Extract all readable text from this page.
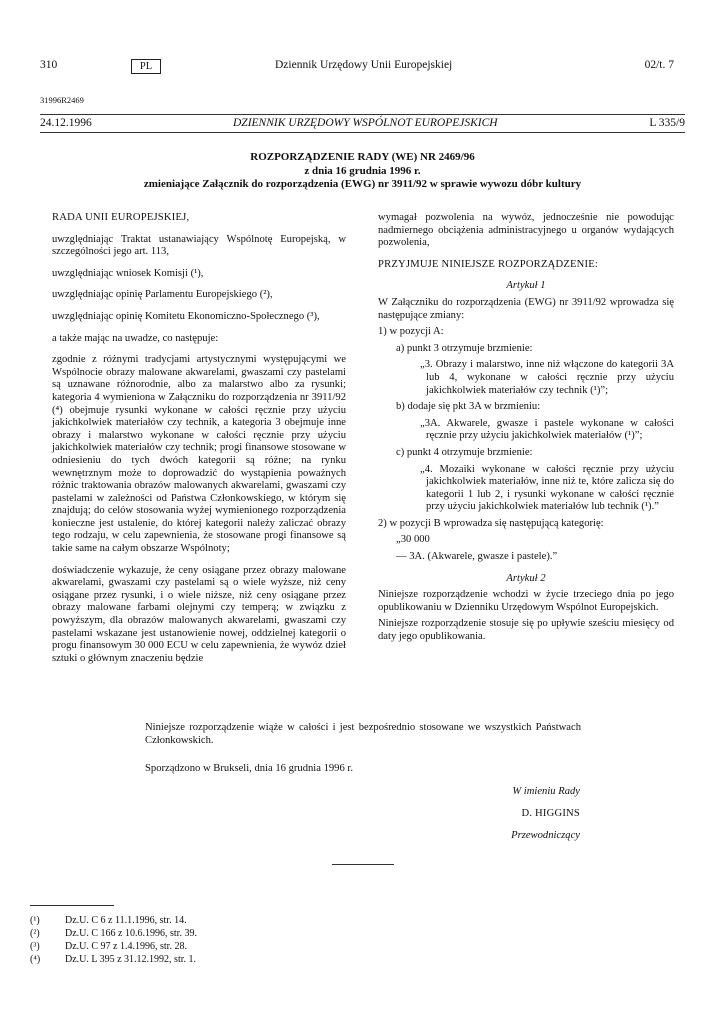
310	PL	Dziennik Urzędowy Unii Europejskiej	02/t. 7
31996R2469
24.12.1996	DZIENNIK URZĘDOWY WSPÓLNOT EUROPEJSKICH	L 335/9
ROZPORZĄDZENIE RADY (WE) NR 2469/96
z dnia 16 grudnia 1996 r.
zmieniające Załącznik do rozporządzenia (EWG) nr 3911/92 w sprawie wywozu dóbr kultury

RADA UNII EUROPEJSKIEJ,

uwzględniając Traktat ustanawiający Wspólnotę Europejską, w szczególności jego art. 113,

uwzględniając wniosek Komisji (¹),

uwzględniając opinię Parlamentu Europejskiego (²),

uwzględniając opinię Komitetu Ekonomiczno-Społecznego (³),

a także mając na uwadze, co następuje:

zgodnie z różnymi tradycjami artystycznymi występującymi we Wspólnocie obrazy malowane akwarelami, gwaszami czy pastelami są uznawane różnorodnie, albo za malarstwo albo za rysunki; kategoria 4 wymieniona w Załączniku do rozporządzenia nr 3911/92 (⁴) obejmuje rysunki wykonane w całości ręcznie przy użyciu jakichkolwiek materiałów czy technik, a kategoria 3 obejmuje inne obrazy i malarstwo wykonane w całości ręcznie przy użyciu jakichkolwiek materiałów czy technik; progi finansowe stosowane w odniesieniu do tych dwóch kategorii są różne; na rynku wewnętrznym może to doprowadzić do wystąpienia poważnych różnic traktowania obrazów malowanych akwarelami, gwaszami czy pastelami w zależności od Państwa Członkowskiego, w którym się znajdują; do celów stosowania wyżej wymienionego rozporządzenia konieczne jest ustalenie, do której kategorii należy zaliczać obrazy tego rodzaju, w celu zapewnienia, że stosowane progi finansowe są takie same na całym obszarze Wspólnoty;

doświadczenie wykazuje, że ceny osiągane przez obrazy malowane akwarelami, gwaszami czy pastelami są o wiele wyższe, niż ceny osiągane przez rysunki, i o wiele niższe, niż ceny osiągane przez obrazy malowane farbami olejnymi czy temperą; w związku z powyższym, dla obrazów malowanych akwarelami, gwaszami czy pastelami wskazane jest ustanowienie nowej, oddzielnej kategorii o progu finansowym 30 000 ECU w celu zapewnienia, że wywóz dzieł sztuki o głównym znaczeniu będzie

wymagał pozwolenia na wywóz, jednocześnie nie powodując nadmiernego obciążenia administracyjnego u organów wydających pozwolenia,

PRZYJMUJE NINIEJSZE ROZPORZĄDZENIE:

Artykuł 1

W Załączniku do rozporządzenia (EWG) nr 3911/92 wprowadza się następujące zmiany:

1) w pozycji A:

a) punkt 3 otrzymuje brzmienie:

„3. Obrazy i malarstwo, inne niż włączone do kategorii 3A lub 4, wykonane w całości ręcznie przy użyciu jakichkolwiek materiałów czy technik (¹)”;

b) dodaje się pkt 3A w brzmieniu:

„3A. Akwarele, gwasze i pastele wykonane w całości ręcznie przy użyciu jakichkolwiek materiałów (¹)”;

c) punkt 4 otrzymuje brzmienie:

„4. Mozaiki wykonane w całości ręcznie przy użyciu jakichkolwiek materiałów, inne niż te, które zalicza się do kategorii 1 lub 2, i rysunki wykonane w całości ręcznie przy użyciu jakichkolwiek materiałów lub technik (¹).”

2) w pozycji B wprowadza się następującą kategorię:

„30 000

— 3A. (Akwarele, gwasze i pastele).”

Artykuł 2

Niniejsze rozporządzenie wchodzi w życie trzeciego dnia po jego opublikowaniu w Dzienniku Urzędowym Wspólnot Europejskich.

Niniejsze rozporządzenie stosuje się po upływie sześciu miesięcy od daty jego opublikowania.

Niniejsze rozporządzenie wiąże w całości i jest bezpośrednio stosowane we wszystkich Państwach Członkowskich.

Sporządzono w Brukseli, dnia 16 grudnia 1996 r.

W imieniu Rady
D. HIGGINS
Przewodniczący
(¹)	Dz.U. C 6 z 11.1.1996, str. 14.
(²)	Dz.U. C 166 z 10.6.1996, str. 39.
(³)	Dz.U. C 97 z 1.4.1996, str. 28.
(⁴) Dz.U. L 395 z 31.12.1992, str. 1.
